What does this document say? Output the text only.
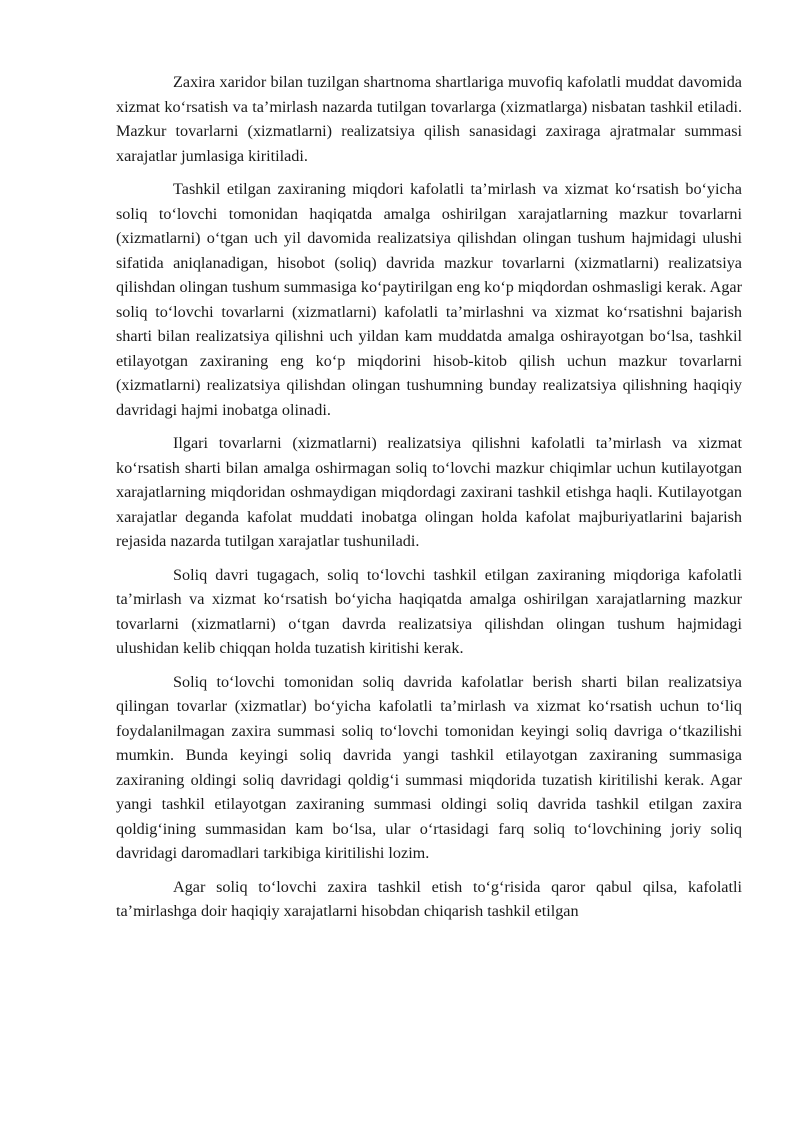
Zaxira xaridor bilan tuzilgan shartnoma shartlariga muvofiq kafolatli muddat davomida xizmat ko‘rsatish va ta’mirlash nazarda tutilgan tovarlarga (xizmatlarga) nisbatan tashkil etiladi. Mazkur tovarlarni (xizmatlarni) realizatsiya qilish sanasidagi zaxiraga ajratmalar summasi xarajatlar jumlasiga kiritiladi.

Tashkil etilgan zaxiraning miqdori kafolatli ta’mirlash va xizmat ko‘rsatish bo‘yicha soliq to‘lovchi tomonidan haqiqatda amalga oshirilgan xarajatlarning mazkur tovarlarni (xizmatlarni) o‘tgan uch yil davomida realizatsiya qilishdan olingan tushum hajmidagi ulushi sifatida aniqlanadigan, hisobot (soliq) davrida mazkur tovarlarni (xizmatlarni) realizatsiya qilishdan olingan tushum summasiga ko‘paytirilgan eng ko‘p miqdordan oshmasligi kerak. Agar soliq to‘lovchi tovarlarni (xizmatlarni) kafolatli ta’mirlashni va xizmat ko‘rsatishni bajarish sharti bilan realizatsiya qilishni uch yildan kam muddatda amalga oshirayotgan bo‘lsa, tashkil etilayotgan zaxiraning eng ko‘p miqdorini hisob-kitob qilish uchun mazkur tovarlarni (xizmatlarni) realizatsiya qilishdan olingan tushumning bunday realizatsiya qilishning haqiqiy davridagi hajmi inobatga olinadi.

Ilgari tovarlarni (xizmatlarni) realizatsiya qilishni kafolatli ta’mirlash va xizmat ko‘rsatish sharti bilan amalga oshirmagan soliq to‘lovchi mazkur chiqimlar uchun kutilayotgan xarajatlarning miqdoridan oshmaydigan miqdordagi zaxirani tashkil etishga haqli. Kutilayotgan xarajatlar deganda kafolat muddati inobatga olingan holda kafolat majburiyatlarini bajarish rejasida nazarda tutilgan xarajatlar tushuniladi.

Soliq davri tugagach, soliq to‘lovchi tashkil etilgan zaxiraning miqdoriga kafolatli ta’mirlash va xizmat ko‘rsatish bo‘yicha haqiqatda amalga oshirilgan xarajatlarning mazkur tovarlarni (xizmatlarni) o‘tgan davrda realizatsiya qilishdan olingan tushum hajmidagi ulushidan kelib chiqqan holda tuzatish kiritishi kerak.

Soliq to‘lovchi tomonidan soliq davrida kafolatlar berish sharti bilan realizatsiya qilingan tovarlar (xizmatlar) bo‘yicha kafolatli ta’mirlash va xizmat ko‘rsatish uchun to‘liq foydalanilmagan zaxira summasi soliq to‘lovchi tomonidan keyingi soliq davriga o‘tkazilishi mumkin. Bunda keyingi soliq davrida yangi tashkil etilayotgan zaxiraning summasiga zaxiraning oldingi soliq davridagi qoldig‘i summasi miqdorida tuzatish kiritilishi kerak. Agar yangi tashkil etilayotgan zaxiraning summasi oldingi soliq davrida tashkil etilgan zaxira qoldig‘ining summasidan kam bo‘lsa, ular o‘rtasidagi farq soliq to‘lovchining joriy soliq davridagi daromadlari tarkibiga kiritilishi lozim.

Agar soliq to‘lovchi zaxira tashkil etish to‘g‘risida qaror qabul qilsa, kafolatli ta’mirlashga doir haqiqiy xarajatlarni hisobdan chiqarish tashkil etilgan
